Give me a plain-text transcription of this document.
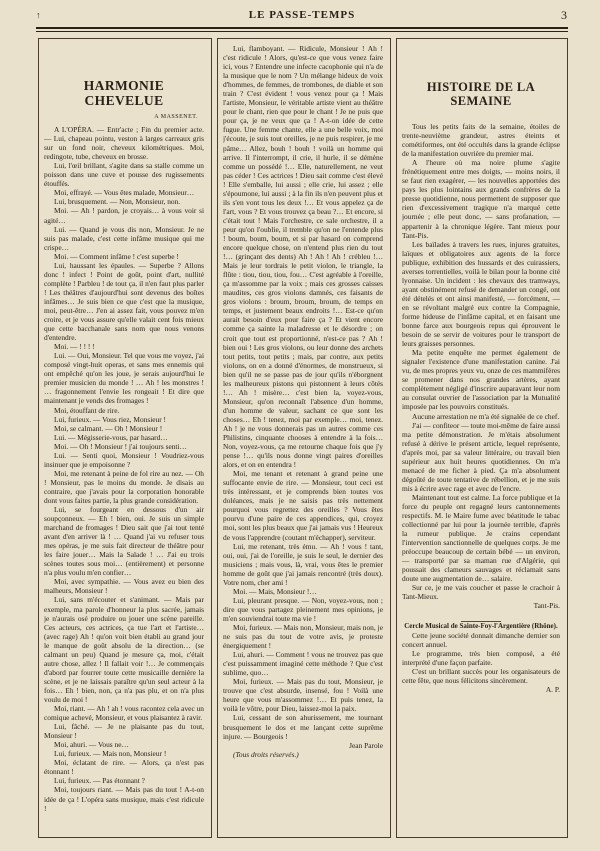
↑	LE PASSE-TEMPS	3
HARMONIE CHEVELUE
A MASSENET.

A L'OPÉRA. — Entr'acte ; Fin du premier acte. — Lui, chapeau pointu, veston à larges carreaux gris sur un fond noir, cheveux kilométriques. Moi, redingote, tube, cheveux en brosse.

Lui, l'œil brillant, s'agite dans sa stalle comme un poisson dans une cuve et pousse des rugissements étouffés.

Moi, effrayé. — Vous êtes malade, Monsieur…

Lui, brusquement. — Non, Monsieur, non.

Moi. — Ah ! pardon, je croyais… à vous voir si agité…

Lui. — Quand je vous dis non, Monsieur. Je ne suis pas malade, c'est cette infâme musique qui me crispe…

Moi. — Comment infâme ! c'est superbe !

Lui, haussant les épaules. — Superbe ? Allons donc ! infect ! Point de goût, point d'art, nullité complète ! Parbleu ! de tout ça, il n'en faut plus parler ! Les théâtres d'aujourd'hui sont devenus des boîtes infâmes… Je suis bien ce que c'est que la musique, moi, peut-être… J'en ai assez fait, vous pouvez m'en croire, et je vous assure qu'elle valait cent fois mieux que cette bacchanale sans nom que nous venons d'entendre.

Moi. — ! ! ! !

Lui. — Oui, Monsieur. Tel que vous me voyez, j'ai composé vingt-huit operas, et sans mes ennemis qui ont empêché qu'on les joue, je serais aujourd'hui le premier musicien du monde ! … Ah ! les monstres ! … fragonnement l'envie les rongeait ! Et dire que maintenant je vends des fromages !

Moi, étouffant de rire.

Lui, furieux. — Vous riez, Monsieur !

Moi, se calmant. — Oh ! Monsieur !

Lui. — Mégisserie-vous, par hasard…

Moi. — Oh ! Monsieur ! j'ai toujours senti…

Lui. — Senti quoi, Monsieur ! Voudriez-vous insinuer que je empoisonne ?

Moi, me retenant à peine de fol rire au nez. — Oh ! Monsieur, pas le moins du monde. Je disais au contraire, que j'avais pour la corporation honorable dont vous faites partie, la plus grande considération.

Lui, se fourgeant en dessous d'un air soupçonneux. — Eh ! bien, oui. Je suis un simple marchand de fromages ! Dieu sait que j'ai tout tenté avant d'en arriver là ! … Quand j'ai vu refuser tous mes opéras, je me suis fait directeur de théâtre pour les faire jouer… Mais la Salade ! … J'ai eu trois scènes toutes sous moi… (entièrement) et personne n'a plus voulu m'en confier…

Moi, avec sympathie. — Vous avez eu bien des malheurs, Monsieur !

Lui, sans m'écouter et s'animant. — Mais par exemple, ma parole d'honneur la plus sacrée, jamais je n'aurais osé produire ou jouer une scène pareille. Ces acteurs, ces actrices, ça tue l'art et l'artiste… (avec rage) Ah ! qu'on voit bien établi au grand jour le manque de goût absolu de la direction… (se calmant un peu) Quand je mesure ça, moi, c'était autre chose, allez ! Il fallait voir !… Je commençais d'abord par fourrer toute cette musicaille dernière la scène, et je ne laissais paraître qu'un seul acteur à la fois… Eh ! bien, non, ça n'a pas plu, et on n'a plus voulu de moi !

Moi, riant. — Ah ! ah ! vous racontez cela avec un comique achevé, Monsieur, et vous plaisantez à ravir.

Lui, fâché. — Je ne plaisante pas du tout, Monsieur !

Moi, ahuri. — Vous ne…

Lui, furieux. — Mais non, Monsieur !

Moi, éclatant de rire. — Alors, ça n'est pas étonnant !

Lui, furieux. — Pas étonnant ?

Moi, toujours riant. — Mais pas du tout ! A-t-on idée de ça ! L'opéra sans musique, mais c'est ridicule !

Lui, flamboyant. — Ridicule, Monsieur ! Ah ! c'est ridicule ! Alors, qu'est-ce que vous venez faire ici, vous ? Entendre une infecte cacophonie qui n'a de la musique que le nom ? Un mélange hideux de voix d'hommes, de femmes, de trombones, de diable et son train ? C'est évident ! vous venez pour ça ! Mais l'artiste, Monsieur, le véritable artiste vient au théâtre pour le chant, rien que pour le chant ! Je ne puis que pour ça, je ne veux que ça ! A-t-on idée de cette fugue. Une femme chante, elle a une belle voix, moi j'écoute, je suis tout oreilles, je ne puis respirer, je me pâme… Allez, bouh ! bouh ! voilà un homme qui arrive. Il l'interrompt, il crie, il hurle, il se démène comme un possédé !… Elle, naturellement, ne veut pas céder ! Ces actrices ! Dieu sait comme c'est élevé ! Elle s'emballe, lui aussi ; elle crie, lui assez ; elle s'époumone, lui aussi ; à la fin ils n'en peuvent plus et ils s'en vont tous les deux !… Et vous appelez ça de l'art, vous ? Et vous trouvez ça beau ?… Et encore, si c'était tout ! Mais l'orchestre, ce sale orchestre, il a peur qu'on l'oublie, il tremble qu'on ne l'entende plus ! boum, boum, boum, et si par hasard on comprend encore quelque chose, on n'entend plus rien du tout !… (grinçant des dents) Ah ! Ah ! Ah ! crébleu !… Mais je leur tordrais le petit violon, le triangle, la flûte : tiou, tiou, tiou, fou… C'est agréable à l'oreille, ça m'assomme par la voix ; mais ces grosses caisses maudites, ces gros violons damnés, ces faisants de gros violons : broum, broum, broum, de temps en temps, et justement beaux endroits !… Est-ce qu'on aurait besoin d'eux pour faire ça ? Et vient encore comme ça sainte la maladresse et le désordre ; on croit que tout est proportionné, n'est-ce pas ? Ah ! bien oui ! Les gros violons, ou leur donne des archets tout petits, tout petits ; mais, par contre, aux petits violons, on en a donné d'énormes, de monstrueux, si bien qu'il ne se passe pas de jour qu'ils n'éborgnent les malheureux pistons qui pistonnent à leurs côtés !… Ah ! misère… c'est bien la, voyez-vous, Monsieur, qu'on reconnaît l'absence d'un homme, d'un homme de valeur, sachant ce que sont les choses… Eh ! tenez, moi par exemple… moi, tenez. Ah ! je ne vous donnerais pas un autres comme ces Philistins, cinquante chooses à entendre à la fois… Non, voyez-vous, ça me retourne chaque fois que j'y pense !… qu'ils nous donne vingt paires d'oreilles alors, et on en entendra !

Moi, me tenant et retenant à grand peine une suffocante envie de rire. — Monsieur, tout ceci est très intéressant, et je comprends bien toutes vos doléances, mais je ne saisis pas très nettement pourquoi vous regrettez des oreilles ? Vous êtes pourvu d'une paire de ces appendices, qui, croyez moi, sont les plus beaux que j'ai jamais vus ! Heureux de vous l'apprendre (coutant m'échapper), serviteur.

Lui, me retenant, très ému. — Ah ! vous ! tant, oui, oui, j'ai de l'oreille, je suis le seul, le dernier des musiciens ; mais vous, là, vrai, vous êtes le premier homme de goût que j'ai jamais rencontré (très doux). Votre nom, cher ami !

Moi. — Mais, Monsieur !…

Lui, pleurant presque. — Non, voyez-vous, non ; dire que vous partagez pleinement mes opinions, je m'en souviendrai toute ma vie !

Moi, furieux. — Mais non, Monsieur, mais non, je ne suis pas du tout de votre avis, je proteste énergiquement !

Lui, ahuri. — Comment ! vous ne trouvez pas que c'est puissamment imaginé cette méthode ? Que c'est sublime, quo…

Moi, furieux. — Mais pas du tout, Monsieur, je trouve que c'est absurde, insensé, fou ! Voilà une heure que vous m'assommez !… Et puis tenez, la voilà le vôtre, pour Dieu, laissez-moi la paix.

Lui, cessant de son ahurissement, me tournant brusquement le dos et me lançant cette suprême injure. — Bourgeois !

Jean Parole

(Tous droits réservés.)

HISTOIRE DE LA SEMAINE

Tous les petits faits de la semaine, étoiles de trente-neuvième grandeur, astres éteints et cométiformes, ont été occultés dans la grande éclipse de la manifestation ouvrière du premier mai.

A l'heure où ma noire plume s'agite frénétiquement entre mes doigts, — moins noirs, il se faut rien exagérer, — les nouvelles apportées des pays les plus lointains aux grands confrères de la presse quotidienne, nous permettent de supposer que rien d'excessivement tragique n'a marqué cette journée ; elle peut donc, — sans profanation, — appartenir à la chronique légère. Tant mieux pour Tant-Pis.

Les baïlades à travers les rues, injures gratuites, laïques et obligatoires aux agents de la force publique, exhibition des hussards et des cuirassiers, averses torrentielles, voilà le bilan pour la bonne cité lyonnaise. Un incident : les chevaux des tramways, ayant obstinément refusé de demander un congé, ont été dételés et ont ainsi manifesté, — forcément, — en se révoltant malgré eux contre la Compagnie, forme hideuse de l'infâme capital, et en faisant une bonne farce aux bourgeois repus qui éprouvent le besoin de se servir de voitures pour le transport de leurs graisses personnes.

Ma petite enquête me permet également de signaler l'existence d'une manifestation canine. J'ai vu, de mes propres yeux vu, onze de ces mammifères se promener dans nos grandes artères, ayant complètement négligé d'inscrire auparavant leur nom au consulat ouvrier de l'association par la Mutualité imposée par les pouvoirs constitués.

Aucune arrestation ne m'a été signalée de ce chef.

J'ai — confiteor — toute moi-même de faire aussi ma petite démonstration. Je m'étais absolument refusé à dérive le présent article, lequel représente, d'après moi, par sa valeur littéraire, ou travail bien supérieur aux huit heures quotidiennes. On m'a menacé de me ficher à pied. Ça m'a absolument dégoûté de toute tentative de rébellion, et je me suis mis à écrire avec rage et avec de l'encre.

Maintenant tout est calme. La force publique et la force du peuple ont regagné leurs cantonnements respectifs. M. le Maire fume avec béatitude le tabac collectionné par lui pour la journée terrible, d'après la rumeur publique. Je crains cependant l'intervention sanctionnelle de quelques corps. Je me préoccupe beaucoup de certain bébé — un environ, — transporté par sa maman rue d'Algérie, qui poussait des clameurs sauvages et réclamait sans doute une augmentation de… salaire.

Sur ce, je me vais coucher et passe le crachoir à Tant-Mieux.

Tant-Pis.

Cercle Musical de Sainte-Foy-l'Argentière (Rhône).

Cette jeune société donnait dimanche dernier son concert annuel.

Le programme, très bien composé, a été interprété d'une façon parfaite.

C'est un brillant succès pour les organisateurs de cette fête, que nous félicitons sincèrement.

A. P.
